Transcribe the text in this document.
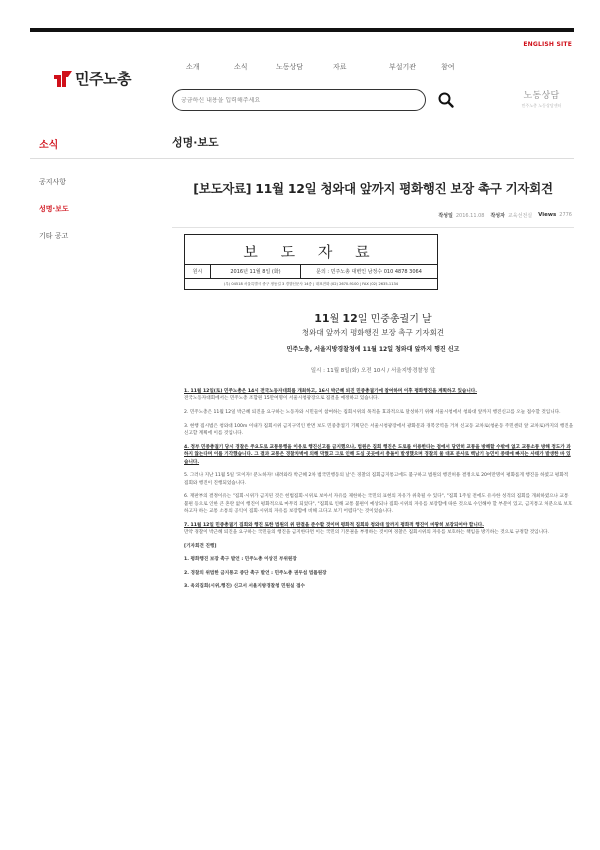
ENGLISH SITE
민주노총
소개	소식	노동상담	자료	부설기관	참여
궁금하신 내용을 입력해주세요
노동상담
민주노총 노동상담센터
소식	성명·보도
공지사항
성명·보도
기타 공고
[보도자료] 11월 12일 청와대 앞까지 평화행진 보장 촉구 기자회견
작성일 2016.11.08 작성자 교육선전실 Views 2776
보 도 자 료
원시	2016년 11월 8일 (화)	문의 : 민주노총 대변인 남정수 010 4878 3064
(우) 04518 서울특별시 중구 정동길 3 경향신문사 14층 | 대표전화 (02) 2670-9100 | FAX (02) 2635-1134
11월 12일 민중총궐기 날
청와대 앞까지 평화행진 보장 촉구 기자회견
민주노총, 서울지방경찰청에 11월 12일 청와대 앞까지 행진 신고
일시 : 11월 8일(화) 오전 10시 / 서울지방경찰청 앞

1. 11월 12일(토) 민주노총은 14시 전국노동자대회를 개최하고, 16시 박근혜 퇴진 민중총궐기에 참여하며 이후 평화행진을 계획하고 있습니다.
전국노동자대회에서는 민주노총 조합원 15만여명이 서울시청광장으로 집결을 예정하고 있습니다.

2. 민주노총은 11월 12일 박근혜 퇴진을 요구하는 노동자와 시민들이 참여하는 집회시위의 목적을 효과적으로 달성하기 위해 서울시청에서 청와대 앞까지 행진신고를 오늘 접수할 것입니다.

3. 현행 집시법은 청와대 100m 이내가 집회시위 금지구역인 반면 보도 민중총궐기 기획단은 서울시청광장에서 광화문과 경복궁역을 거쳐 신교동 교차로(청운동 주민센터 앞 교차로)까지의 행진을 신고할 계획에 이를 것입니다.

4. 정부 민중총궐기 당시 경찰은 주요도로 교통통행을 이유로 행진신고를 금지했으나, 법원은 집회 행진은 도로를 이용한다는 점에서 당연히 교통을 방해할 수밖에 없고 교통소통 방해 정도가 과하지 않는다며 이를 기각했습니다. 그 결과 교통은 경찰차벽에 의해 막혔고 그로 인해 도심 곳곳에서 충돌이 발생했으며 경찰의 물 대포 분사로 백남기 농민이 중태에 빠지는 사태가 발생한 바 있습니다.

5. 그러나 지난 11월 5일 '모이자! 분노하자! 내려와라 박근혜 2차 범국민행동의 날'은 경찰의 집회금지통고에도 불구하고 법원의 행진허용 결정으로 20여만명이 평화롭게 행진을 하였고 평화적 집회와 행진이 진행되었습니다.

6. 재판부의 결정이유는 "집회·시위가 금지된 것은 헌법집회·시위로 보아서 자유를 제한하는 국민의 표현의 자유가 위축될 수 있다", "집회 1주일 전에도 유사한 성격의 집회를 개최하였으나 교통 불편 등으로 인한 큰 혼란 없이 행진이 평화적으로 마무리 되었다", "집회로 인해 교통 불편이 예상되나 집회·시위의 자유를 보장함에 따른 것으로 수인해야 할 부분이 있고, 금지통고 처분으로 보호하고자 하는 교통 소통의 공익이 집회·시위의 자유를 보장함에 비해 크다고 보기 어렵다"는 것이었습니다.

7. 11월 12일 민중총궐기 집회와 행진 또한 법원의 위 판결을 준수할 것이며 평화적 집회와 청와대 앞까지 평화적 행진이 마땅히 보장되어야 합니다.
만약 경찰이 박근혜 퇴진을 요구하는 국민들의 행진을 금지한다면 이는 국민의 기본권을 부정하는 것이며 경찰은 집회시위의 자유를 보호하는 책임을 방기하는 것으로 규정할 것입니다.

[기자회견 진행]

1. 평화행진 보장 촉구 발언 : 민주노총 이상진 부위원장

2. 경찰의 위법한 금지통고 중단 촉구 발언 : 민주노총 권두섭 법률원장

3. 옥외집회(시위,행진) 신고서 서울지방경찰청 민원실 접수
